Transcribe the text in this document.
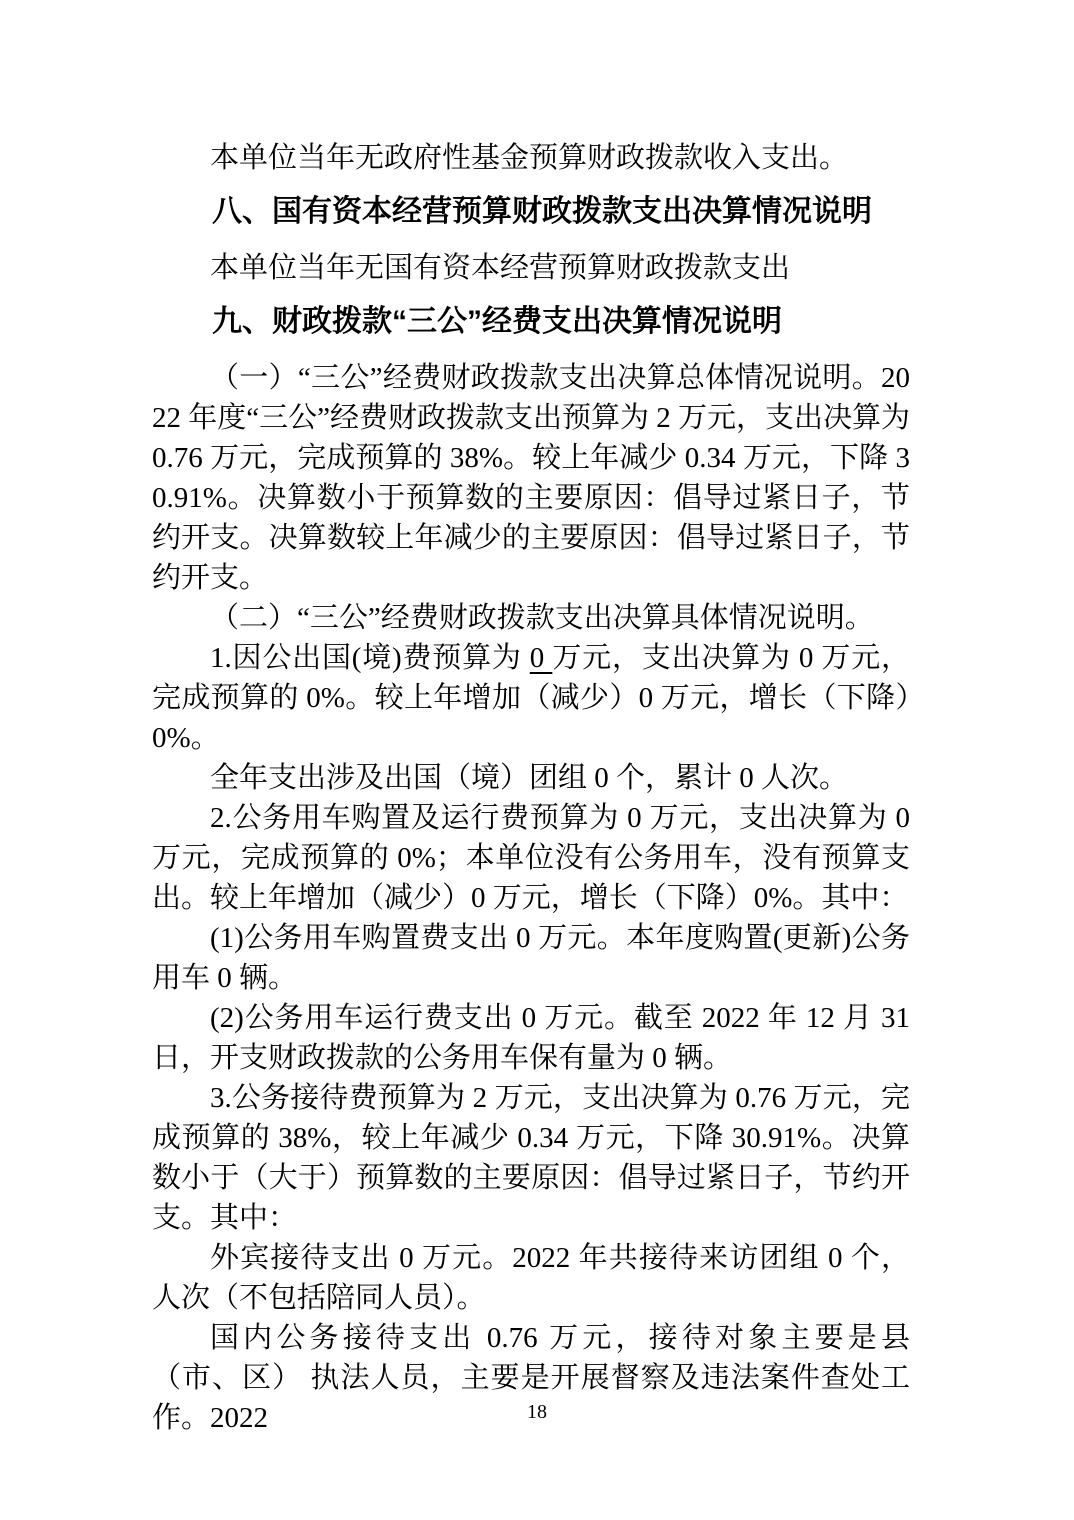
本单位当年无政府性基金预算财政拨款收入支出。

八、国有资本经营预算财政拨款支出决算情况说明

本单位当年无国有资本经营预算财政拨款支出

九、财政拨款“三公”经费支出决算情况说明

（一）“三公”经费财政拨款支出决算总体情况说明。2022 年度“三公”经费财政拨款支出预算为 2 万元，支出决算为 0.76 万元，完成预算的 38%。较上年减少 0.34 万元，下降 30.91%。决算数小于预算数的主要原因：倡导过紧日子，节约开支。决算数较上年减少的主要原因：倡导过紧日子，节约开支。

（二）“三公”经费财政拨款支出决算具体情况说明。

1.因公出国(境)费预算为 0 万元，支出决算为 0 万元，完成预算的 0%。较上年增加（减少）0 万元，增长（下降）0%。

全年支出涉及出国（境）团组 0 个，累计 0 人次。

2.公务用车购置及运行费预算为 0 万元，支出决算为 0 万元，完成预算的 0%；本单位没有公务用车，没有预算支出。较上年增加（减少）0 万元，增长（下降）0%。其中：

(1)公务用车购置费支出 0 万元。本年度购置(更新)公务用车 0 辆。

(2)公务用车运行费支出 0 万元。截至 2022 年 12 月 31 日，开支财政拨款的公务用车保有量为 0 辆。

3.公务接待费预算为 2 万元，支出决算为 0.76 万元，完成预算的 38%，较上年减少 0.34 万元，下降 30.91%。决算数小于（大于）预算数的主要原因：倡导过紧日子，节约开支。其中：

外宾接待支出 0 万元。2022 年共接待来访团组 0 个，人次（不包括陪同人员）。

国内公务接待支出 0.76 万元，接待对象主要是县（市、区） 执法人员，主要是开展督察及违法案件查处工作。2022	18
